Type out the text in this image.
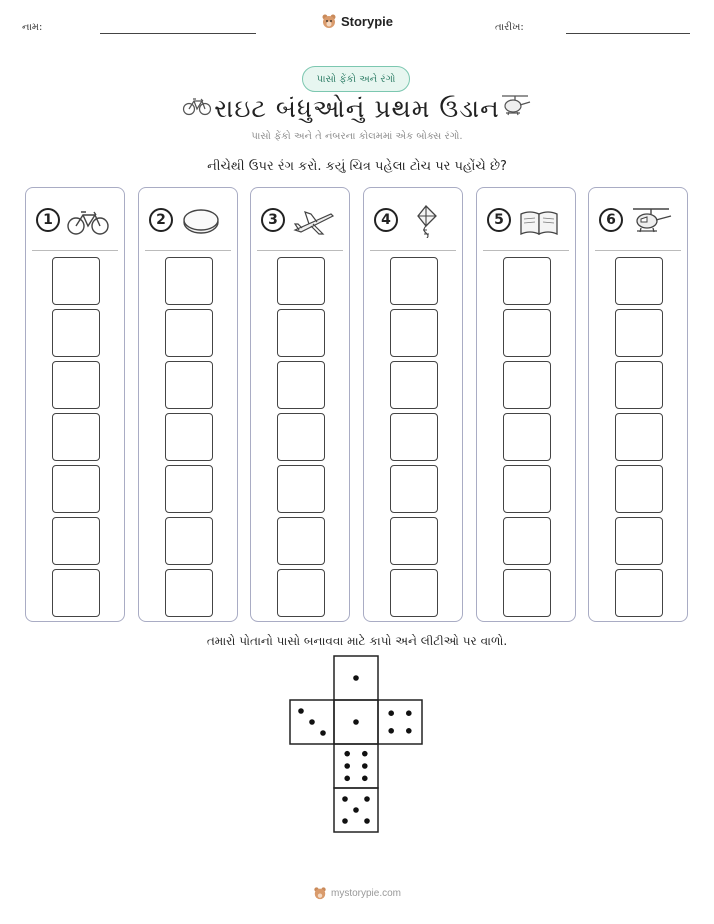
નામ:	તારીખ:
Storypie
પાસો ફેંકો અને રંગો
રાઇટ બંધુઓનું પ્રથમ ઉડાન
પાસો ફેંકો અને તે નંબરના કોલમમાં એક બોક્સ રંગો.
નીચેથી ઉપર રંગ કરો. કયું ચિત્ર પહેલા ટોચ પર પહોંચે છે?
1	2	3	4	5	6
તમારો પોતાનો પાસો બનાવવા માટે કાપો અને લીટીઓ પર વાળો.
mystorypie.com
